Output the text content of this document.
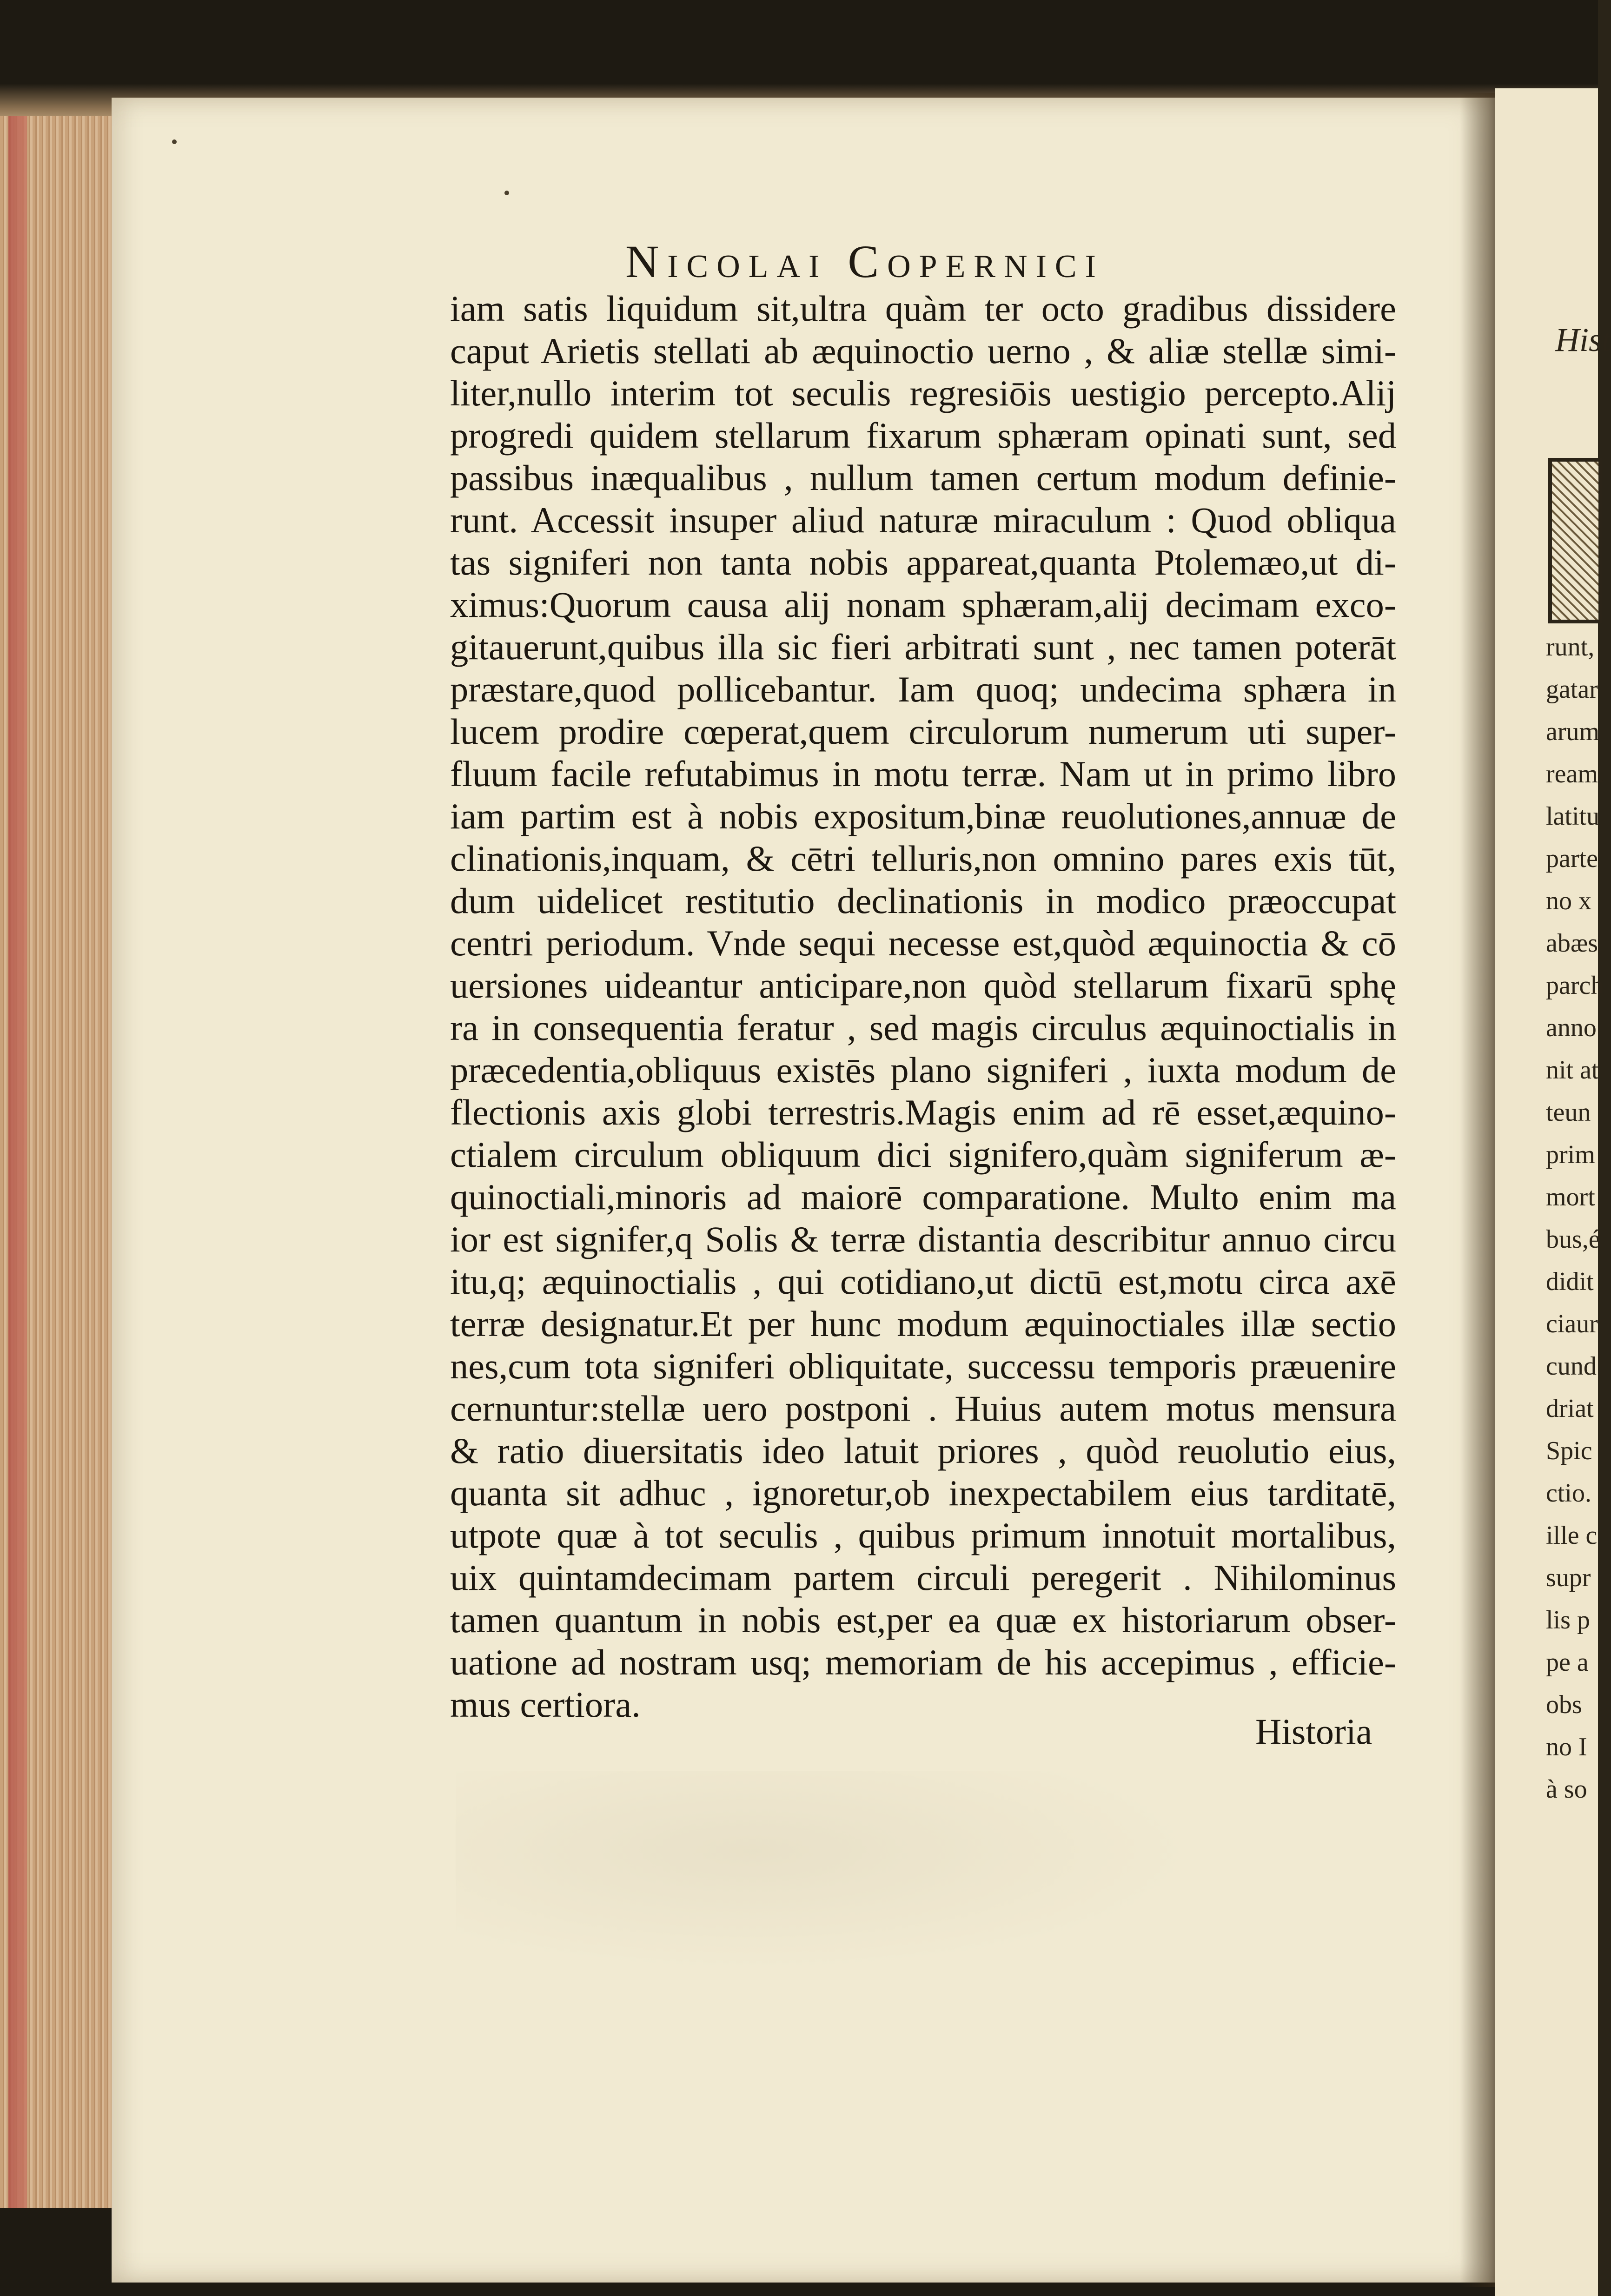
Nicolai Copernici
iam satis liquidum sit,ultra quàm ter octo gradibus dissidere
caput Arietis stellati ab æquinoctio uerno , & aliæ stellæ simi-
liter,nullo interim tot seculis regresiōis uestigio percepto.Alij
progredi quidem stellarum fixarum sphæram opinati sunt, sed
passibus inæqualibus , nullum tamen certum modum definie-
runt. Accessit insuper aliud naturæ miraculum : Quod obliqua
tas signiferi non tanta nobis appareat,quanta Ptolemæo,ut di-
ximus:Quorum causa alij nonam sphæram,alij decimam exco-
gitauerunt,quibus illa sic fieri arbitrati sunt , nec tamen poterāt
præstare,quod pollicebantur. Iam quoq; undecima sphæra in
lucem prodire cœperat,quem circulorum numerum uti super-
fluum facile refutabimus in motu terræ. Nam ut in primo libro
iam partim est à nobis expositum,binæ reuolutiones,annuæ de
clinationis,inquam, & cētri telluris,non omnino pares exis tūt,
dum uidelicet restitutio declinationis in modico præoccupat
centri periodum. Vnde sequi necesse est,quòd æquinoctia & cō
uersiones uideantur anticipare,non quòd stellarum fixarū sphę
ra in consequentia feratur , sed magis circulus æquinoctialis in
præcedentia,obliquus existēs plano signiferi , iuxta modum de
flectionis axis globi terrestris.Magis enim ad rē esset,æquino-
ctialem circulum obliquum dici signifero,quàm signiferum æ-
quinoctiali,minoris ad maiorē comparatione. Multo enim ma
ior est signifer,q Solis & terræ distantia describitur annuo circu
itu,q; æquinoctialis , qui cotidiano,ut dictū est,motu circa axē
terræ designatur.Et per hunc modum æquinoctiales illæ sectio
nes,cum tota signiferi obliquitate, successu temporis præuenire
cernuntur:stellæ uero postponi . Huius autem motus mensura
& ratio diuersitatis ideo latuit priores , quòd reuolutio eius,
quanta sit adhuc , ignoretur,ob inexpectabilem eius tarditatē,
utpote quæ à tot seculis , quibus primum innotuit mortalibus,
uix quintamdecimam partem circuli peregerit . Nihilominus
tamen quantum in nobis est,per ea quæ ex historiarum obser-
uatione ad nostram usq; memoriam de his accepimus , efficie-
mus certiora.
Historia
Hist
runt,
gatar
arum
ream.
latitu
parte
no x
abæs
parch
anno
nit at
teun
prim
mort
bus,é
didit
ciaur
cund
driat
Spic
ctio.
ille c
supr
lis p
pe a
obs
no I
à so
